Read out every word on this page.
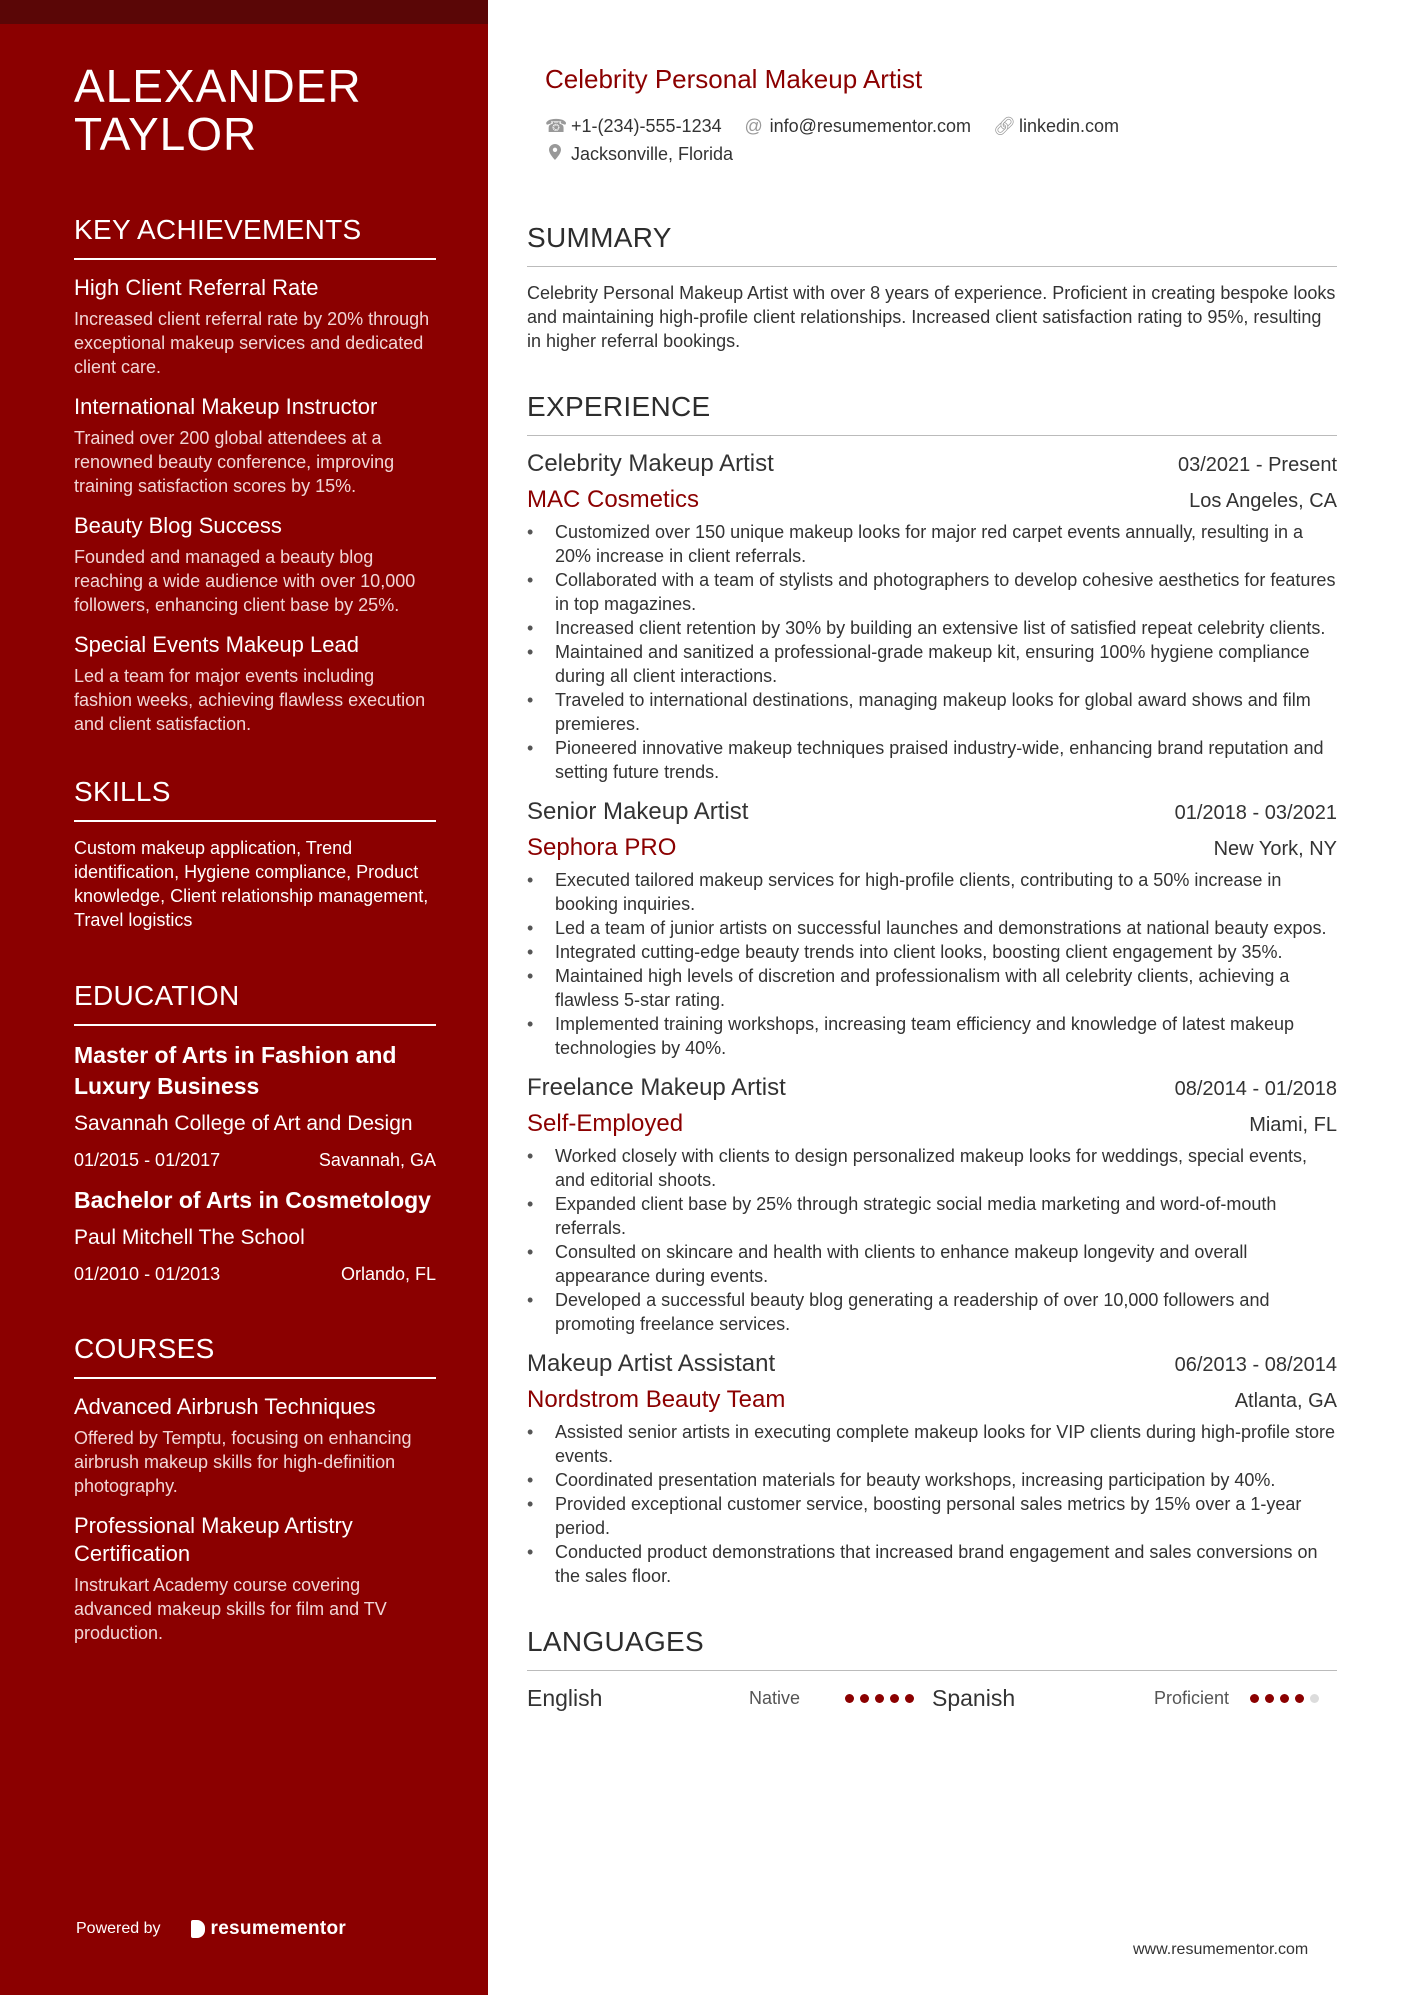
ALEXANDER
TAYLOR
KEY ACHIEVEMENTS
High Client Referral Rate
Increased client referral rate by 20% through exceptional makeup services and dedicated client care.
International Makeup Instructor
Trained over 200 global attendees at a renowned beauty conference, improving training satisfaction scores by 15%.
Beauty Blog Success
Founded and managed a beauty blog reaching a wide audience with over 10,000 followers, enhancing client base by 25%.
Special Events Makeup Lead
Led a team for major events including fashion weeks, achieving flawless execution and client satisfaction.
SKILLS
Custom makeup application, Trend identification, Hygiene compliance, Product knowledge, Client relationship management, Travel logistics
EDUCATION
Master of Arts in Fashion and Luxury Business
Savannah College of Art and Design
01/2015 - 01/2017	Savannah, GA
Bachelor of Arts in Cosmetology
Paul Mitchell The School
01/2010 - 01/2013	Orlando, FL
COURSES
Advanced Airbrush Techniques
Offered by Temptu, focusing on enhancing airbrush makeup skills for high-definition photography.
Professional Makeup Artistry Certification
Instrukart Academy course covering advanced makeup skills for film and TV production.
Powered by	resumementor
Celebrity Personal Makeup Artist
☎ +1-(234)-555-1234 @ info@resumementor.com 🔗︎ linkedin.com
Jacksonville, Florida
SUMMARY
Celebrity Personal Makeup Artist with over 8 years of experience. Proficient in creating bespoke looks and maintaining high-profile client relationships. Increased client satisfaction rating to 95%, resulting in higher referral bookings.
EXPERIENCE
Celebrity Makeup Artist	03/2021 - Present
MAC Cosmetics	Los Angeles, CA
• Customized over 150 unique makeup looks for major red carpet events annually, resulting in a 20% increase in client referrals.
• Collaborated with a team of stylists and photographers to develop cohesive aesthetics for features in top magazines.
• Increased client retention by 30% by building an extensive list of satisfied repeat celebrity clients.
• Maintained and sanitized a professional-grade makeup kit, ensuring 100% hygiene compliance during all client interactions.
• Traveled to international destinations, managing makeup looks for global award shows and film premieres.
• Pioneered innovative makeup techniques praised industry-wide, enhancing brand reputation and setting future trends.
Senior Makeup Artist	01/2018 - 03/2021
Sephora PRO	New York, NY
• Executed tailored makeup services for high-profile clients, contributing to a 50% increase in booking inquiries.
• Led a team of junior artists on successful launches and demonstrations at national beauty expos.
• Integrated cutting-edge beauty trends into client looks, boosting client engagement by 35%.
• Maintained high levels of discretion and professionalism with all celebrity clients, achieving a flawless 5-star rating.
• Implemented training workshops, increasing team efficiency and knowledge of latest makeup technologies by 40%.
Freelance Makeup Artist	08/2014 - 01/2018
Self-Employed	Miami, FL
• Worked closely with clients to design personalized makeup looks for weddings, special events, and editorial shoots.
• Expanded client base by 25% through strategic social media marketing and word-of-mouth referrals.
• Consulted on skincare and health with clients to enhance makeup longevity and overall appearance during events.
• Developed a successful beauty blog generating a readership of over 10,000 followers and promoting freelance services.
Makeup Artist Assistant	06/2013 - 08/2014
Nordstrom Beauty Team	Atlanta, GA
• Assisted senior artists in executing complete makeup looks for VIP clients during high-profile store events.
• Coordinated presentation materials for beauty workshops, increasing participation by 40%.
• Provided exceptional customer service, boosting personal sales metrics by 15% over a 1-year period.
• Conducted product demonstrations that increased brand engagement and sales conversions on the sales floor.
LANGUAGES
English	Native	Spanish	Proficient
www.resumementor.com
